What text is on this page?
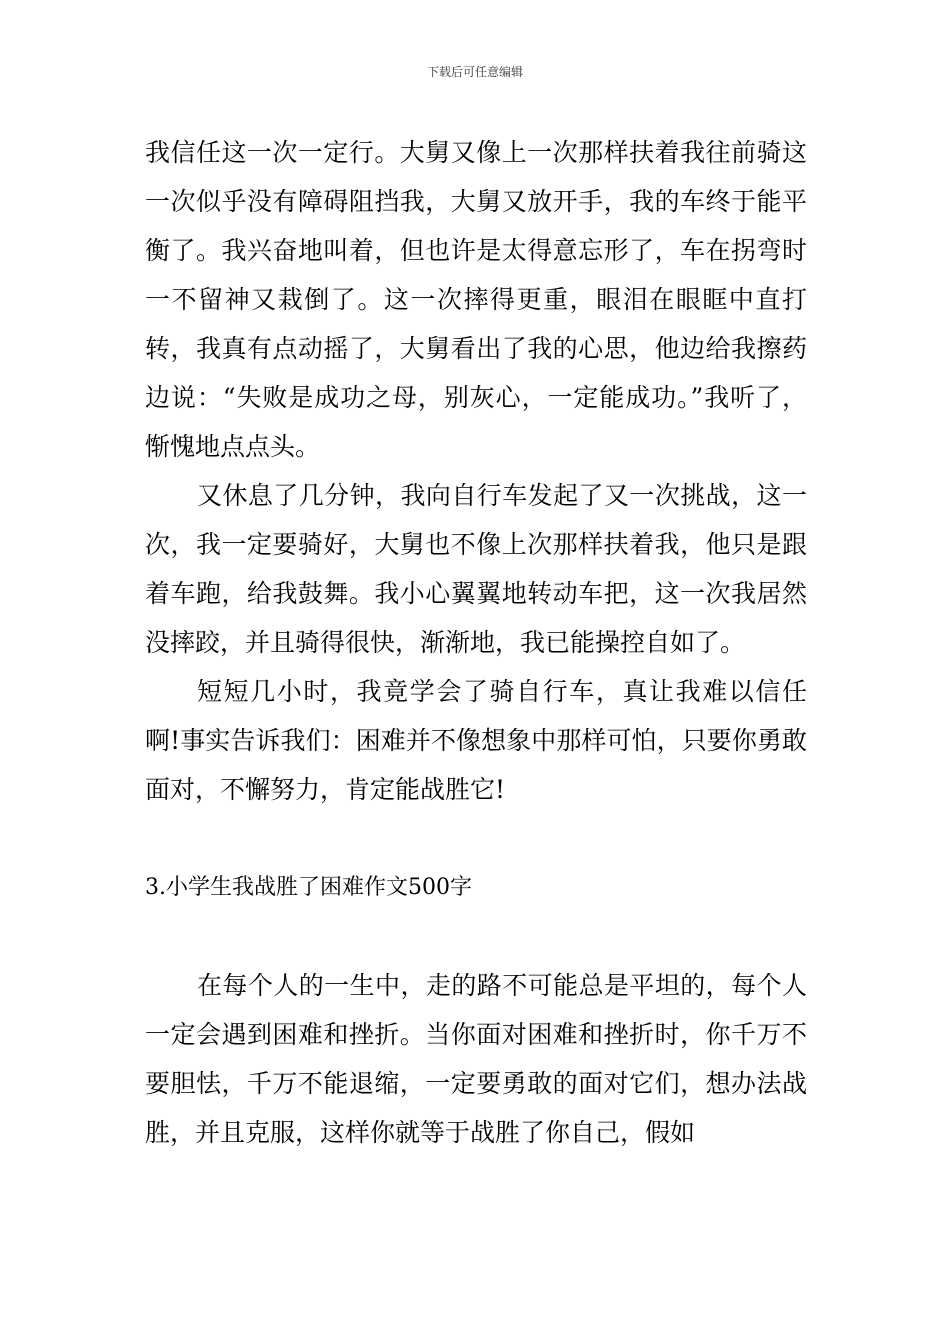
下载后可任意编辑

我信任这一次一定行。大舅又像上一次那样扶着我往前骑这一次似乎没有障碍阻挡我，大舅又放开手，我的车终于能平衡了。我兴奋地叫着，但也许是太得意忘形了，车在拐弯时一不留神又栽倒了。这一次摔得更重，眼泪在眼眶中直打转，我真有点动摇了，大舅看出了我的心思，他边给我擦药边说：“失败是成功之母，别灰心，一定能成功。”我听了，惭愧地点点头。

又休息了几分钟，我向自行车发起了又一次挑战，这一次，我一定要骑好，大舅也不像上次那样扶着我，他只是跟着车跑，给我鼓舞。我小心翼翼地转动车把，这一次我居然没摔跤，并且骑得很快，渐渐地，我已能操控自如了。

短短几小时，我竟学会了骑自行车，真让我难以信任啊!事实告诉我们：困难并不像想象中那样可怕，只要你勇敢面对，不懈努力，肯定能战胜它!

3.小学生我战胜了困难作文500字

在每个人的一生中，走的路不可能总是平坦的，每个人一定会遇到困难和挫折。当你面对困难和挫折时，你千万不要胆怯，千万不能退缩，一定要勇敢的面对它们，想办法战胜，并且克服，这样你就等于战胜了你自己，假如
